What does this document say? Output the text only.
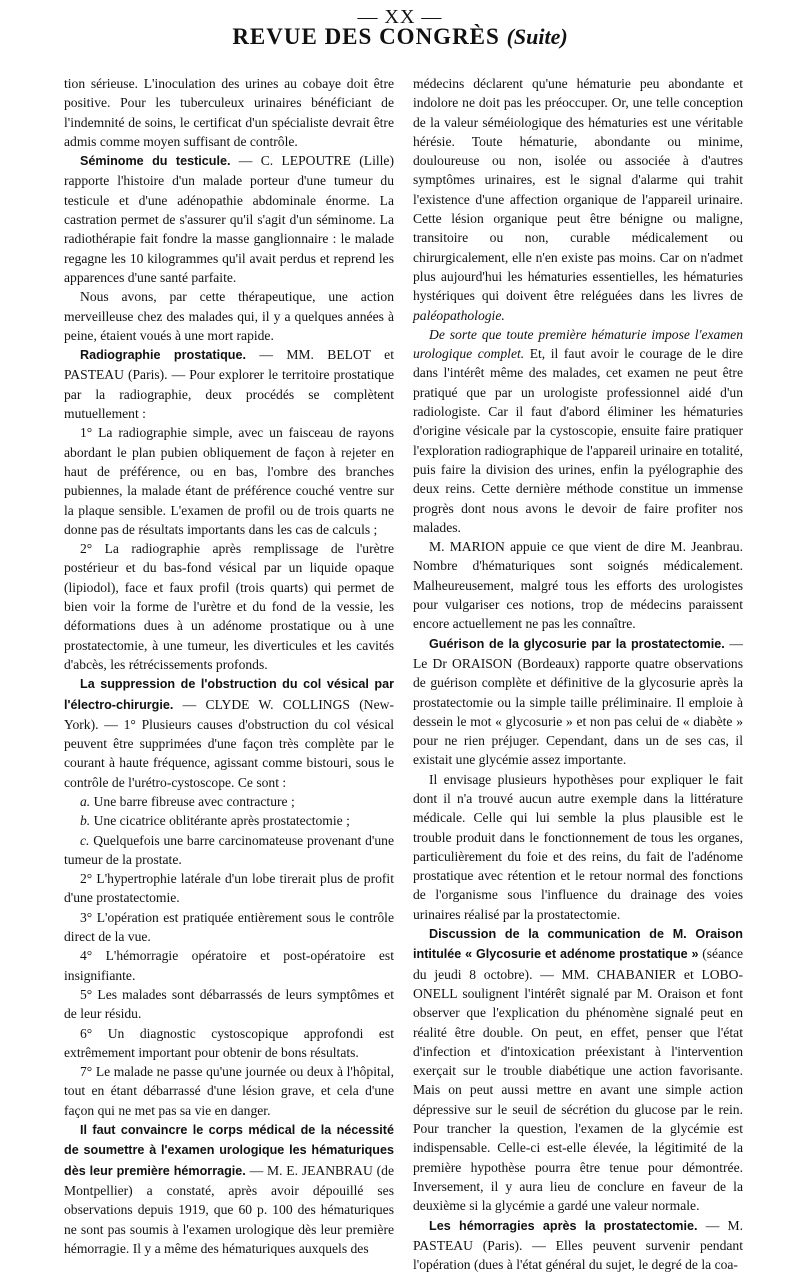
— XX —
REVUE DES CONGRÈS (Suite)

tion sérieuse. L'inoculation des urines au cobaye doit être positive. Pour les tuberculeux urinaires bénéficiant de l'indemnité de soins, le certificat d'un spécialiste devrait être admis comme moyen suffisant de contrôle.

Séminome du testicule. — C. LEPOUTRE (Lille) rapporte l'histoire d'un malade porteur d'une tumeur du testicule et d'une adénopathie abdominale énorme. La castration permet de s'assurer qu'il s'agit d'un séminome. La radiothérapie fait fondre la masse ganglionnaire : le malade regagne les 10 kilogrammes qu'il avait perdus et reprend les apparences d'une santé parfaite.

Nous avons, par cette thérapeutique, une action merveilleuse chez des malades qui, il y a quelques années à peine, étaient voués à une mort rapide.

Radiographie prostatique. — MM. BELOT et PASTEAU (Paris). — Pour explorer le territoire prostatique par la radiographie, deux procédés se complètent mutuellement :

1° La radiographie simple, avec un faisceau de rayons abordant le plan pubien obliquement de façon à rejeter en haut de préférence, ou en bas, l'ombre des branches pubiennes, la malade étant de préférence couché ventre sur la plaque sensible. L'examen de profil ou de trois quarts ne donne pas de résultats importants dans les cas de calculs ;

2° La radiographie après remplissage de l'urètre postérieur et du bas-fond vésical par un liquide opaque (lipiodol), face et faux profil (trois quarts) qui permet de bien voir la forme de l'urètre et du fond de la vessie, les déformations dues à un adénome prostatique ou à une prostatectomie, à une tumeur, les diverticules et les cavités d'abcès, les rétrécissements profonds.

La suppression de l'obstruction du col vésical par l'électro-chirurgie. — CLYDE W. COLLINGS (New-York). — 1° Plusieurs causes d'obstruction du col vésical peuvent être supprimées d'une façon très complète par le courant à haute fréquence, agissant comme bistouri, sous le contrôle de l'urétro-cystoscope. Ce sont :

a. Une barre fibreuse avec contracture ;

b. Une cicatrice oblitérante après prostatectomie ;

c. Quelquefois une barre carcinomateuse provenant d'une tumeur de la prostate.

2° L'hypertrophie latérale d'un lobe tirerait plus de profit d'une prostatectomie.

3° L'opération est pratiquée entièrement sous le contrôle direct de la vue.

4° L'hémorragie opératoire et post-opératoire est insignifiante.

5° Les malades sont débarrassés de leurs symptômes et de leur résidu.

6° Un diagnostic cystoscopique approfondi est extrêmement important pour obtenir de bons résultats.

7° Le malade ne passe qu'une journée ou deux à l'hôpital, tout en étant débarrassé d'une lésion grave, et cela d'une façon qui ne met pas sa vie en danger.

Il faut convaincre le corps médical de la nécessité de soumettre à l'examen urologique les hématuriques dès leur première hémorragie. — M. E. JEANBRAU (de Montpellier) a constaté, après avoir dépouillé ses observations depuis 1919, que 60 p. 100 des hématuriques ne sont pas soumis à l'examen urologique dès leur première hémorragie. Il y a même des hématuriques auxquels des

médecins déclarent qu'une hématurie peu abondante et indolore ne doit pas les préoccuper. Or, une telle conception de la valeur séméiologique des hématuries est une véritable hérésie. Toute hématurie, abondante ou minime, douloureuse ou non, isolée ou associée à d'autres symptômes urinaires, est le signal d'alarme qui trahit l'existence d'une affection organique de l'appareil urinaire. Cette lésion organique peut être bénigne ou maligne, transitoire ou non, curable médicalement ou chirurgicalement, elle n'en existe pas moins. Car on n'admet plus aujourd'hui les hématuries essentielles, les hématuries hystériques qui doivent être reléguées dans les livres de paléopathologie.

De sorte que toute première hématurie impose l'examen urologique complet. Et, il faut avoir le courage de le dire dans l'intérêt même des malades, cet examen ne peut être pratiqué que par un urologiste professionnel aidé d'un radiologiste. Car il faut d'abord éliminer les hématuries d'origine vésicale par la cystoscopie, ensuite faire pratiquer l'exploration radiographique de l'appareil urinaire en totalité, puis faire la division des urines, enfin la pyélographie des deux reins. Cette dernière méthode constitue un immense progrès dont nous avons le devoir de faire profiter nos malades.

M. MARION appuie ce que vient de dire M. Jeanbrau. Nombre d'hématuriques sont soignés médicalement. Malheureusement, malgré tous les efforts des urologistes pour vulgariser ces notions, trop de médecins paraissent encore actuellement ne pas les connaître.

Guérison de la glycosurie par la prostatectomie. — Le Dr ORAISON (Bordeaux) rapporte quatre observations de guérison complète et définitive de la glycosurie après la prostatectomie ou la simple taille préliminaire. Il emploie à dessein le mot « glycosurie » et non pas celui de « diabète » pour ne rien préjuger. Cependant, dans un de ses cas, il existait une glycémie assez importante.

Il envisage plusieurs hypothèses pour expliquer le fait dont il n'a trouvé aucun autre exemple dans la littérature médicale. Celle qui lui semble la plus plausible est le trouble produit dans le fonctionnement de tous les organes, particulièrement du foie et des reins, du fait de l'adénome prostatique avec rétention et le retour normal des fonctions de l'organisme sous l'influence du drainage des voies urinaires réalisé par la prostatectomie.

Discussion de la communication de M. Oraison intitulée « Glycosurie et adénome prostatique » (séance du jeudi 8 octobre). — MM. CHABANIER et LOBO-ONELL soulignent l'intérêt signalé par M. Oraison et font observer que l'explication du phénomène signalé peut en réalité être double. On peut, en effet, penser que l'état d'infection et d'intoxication préexistant à l'intervention exerçait sur le trouble diabétique une action favorisante. Mais on peut aussi mettre en avant une simple action dépressive sur le seuil de sécrétion du glucose par le rein. Pour trancher la question, l'examen de la glycémie est indispensable. Celle-ci est-elle élevée, la légitimité de la première hypothèse pourra être tenue pour démontrée. Inversement, il y aura lieu de conclure en faveur de la deuxième si la glycémie a gardé une valeur normale.

Les hémorragies après la prostatectomie. — M. PASTEAU (Paris). — Elles peuvent survenir pendant l'opération (dues à l'état général du sujet, le degré de la coa-
